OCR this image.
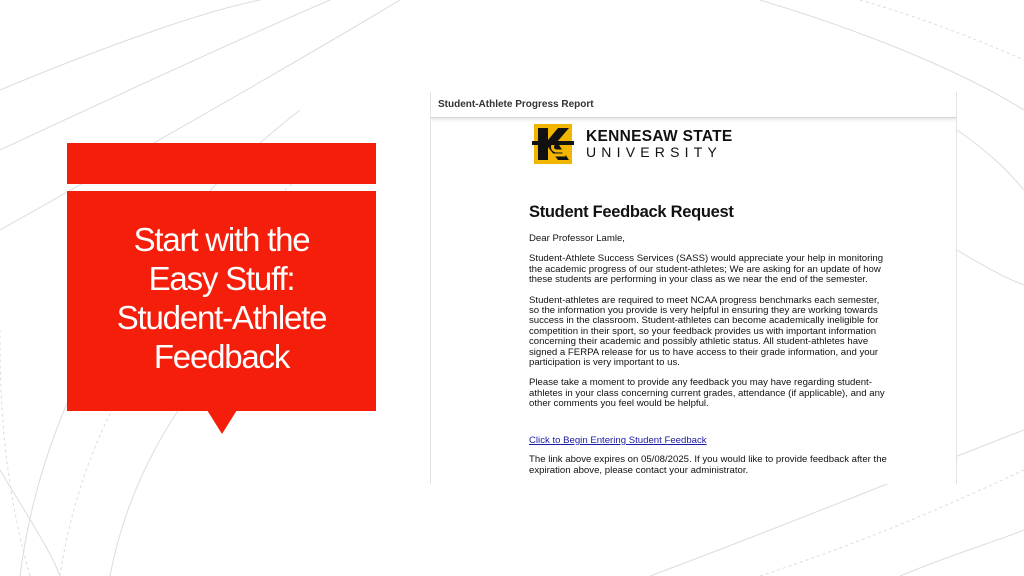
Start with the
Easy Stuff:
Student-Athlete
Feedback
Student-Athlete Progress Report
KENNESAW STATE
UNIVERSITY
Student Feedback Request
Dear Professor Lamle,
Student-Athlete Success Services (SASS) would appreciate your help in monitoring the academic progress of our student-athletes; We are asking for an update of how these students are performing in your class as we near the end of the semester.
Student-athletes are required to meet NCAA progress benchmarks each semester, so the information you provide is very helpful in ensuring they are working towards success in the classroom. Student-athletes can become academically ineligible for competition in their sport, so your feedback provides us with important information concerning their academic and possibly athletic status. All student-athletes have signed a FERPA release for us to have access to their grade information, and your participation is very important to us.
Please take a moment to provide any feedback you may have regarding student-athletes in your class concerning current grades, attendance (if applicable), and any other comments you feel would be helpful.
Click to Begin Entering Student Feedback
The link above expires on 05/08/2025. If you would like to provide feedback after the expiration above, please contact your administrator.
